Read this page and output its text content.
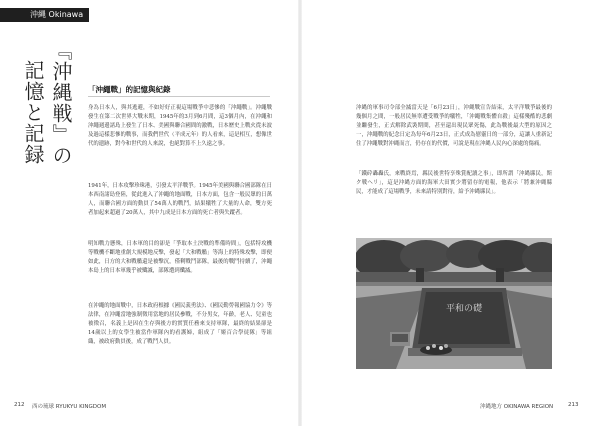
沖縄 Okinawa
『沖縄戦』の
記憶と記録	「沖繩戰」的記憶與紀錄

身為日本人，與其逃避，不如好好正視這場戰爭中悲慘的「沖繩戰」。沖繩戰發生在第二次世界大戰末期，1945年的3月到6月間，這3個月內，在沖繩和沖繩週邊諸島上發生了日本、美國與聯合國間的激戰，日本歷史上戰火從未波及過這樣悲慘的戰事，而我們世代（平成元年）的人看來，這是相互，想像世代的遺跡，對今和世代的人來說，也絕對算不上久遠之事。

1941年，日本攻擊珍珠港，引發太平洋戰爭。1945年美國與聯合國部隊在日本西南諸島登陸，從此進入了沖繩的地面戰，日本方面，包含一般民眾的日萬人，而聯合國方面的動員了54萬人的戰鬥，結果犧牲了大量的人命，雙方死者加起來超過了20萬人，其中九成是日本方面的死亡者與失蹤者。

明知戰力懸殊，日本軍的目的卻是「爭取本土決戰的準備時間」，包括特攻機等戰機不斷地重創大規模地反擊，發起「大和戰艦」等海上的特殊攻擊，即便如此，日方的大和戰艦還是被擊沉，僅剩戰鬥部隊，最後的戰鬥持續了，沖繩本島上的日本軍幾乎被殲滅，部隊遭到殲滅。

在沖繩的地面戰中，日本政府根據《國民義勇法》、《國民勤勞報國協力令》等法律，在沖繩當地強制徵用當地的居民參戰，不分男女，年齡，老人、兒童也被徵召，名義上是因在生存與後方的實質任務來支持軍隊，最終的結果卻是14歲以上的女學生被當作軍隊內的看護婦，組成了「姬百合學徒隊」等組織，被政府動員後，成了戰鬥人員。

沖縄的軍事司令部全滅當天是「6月23日」，沖縄戰宣告結束，太平洋戰爭最後的幾個月之間，一般居民無辜遭受戰爭的犧牲，「沖繩戰集體自殺」這樣殘酷的悲劇並繼發生，正式解除武裝期間，甚至還出現民眾死傷，此為戰後最大型的原因之一，沖繩戰的紀念日定為每年6月23日，正式成為慰靈日的一部分，這讓人重新記住了沖繩戰對沖縄而言，仍存在的代價，可說是現在沖縄人民內心深處的傷痛。

「鐵砕轟轟氏，來戰終焉，縣民後世特享殊賞配讀之事」，即所謂「沖縄縣民，斯ク戦ヘリ」，這是沖縄方面的海軍大田實少將留存的電報，他表示「將兼沖縄縣民，才能成了這場戰爭，未來請特別對待，給予沖縄縣民」。

平和の礎
212 西の琉球 RYUKYU KINGDOM	沖縄地方 OKINAWA REGION	213
